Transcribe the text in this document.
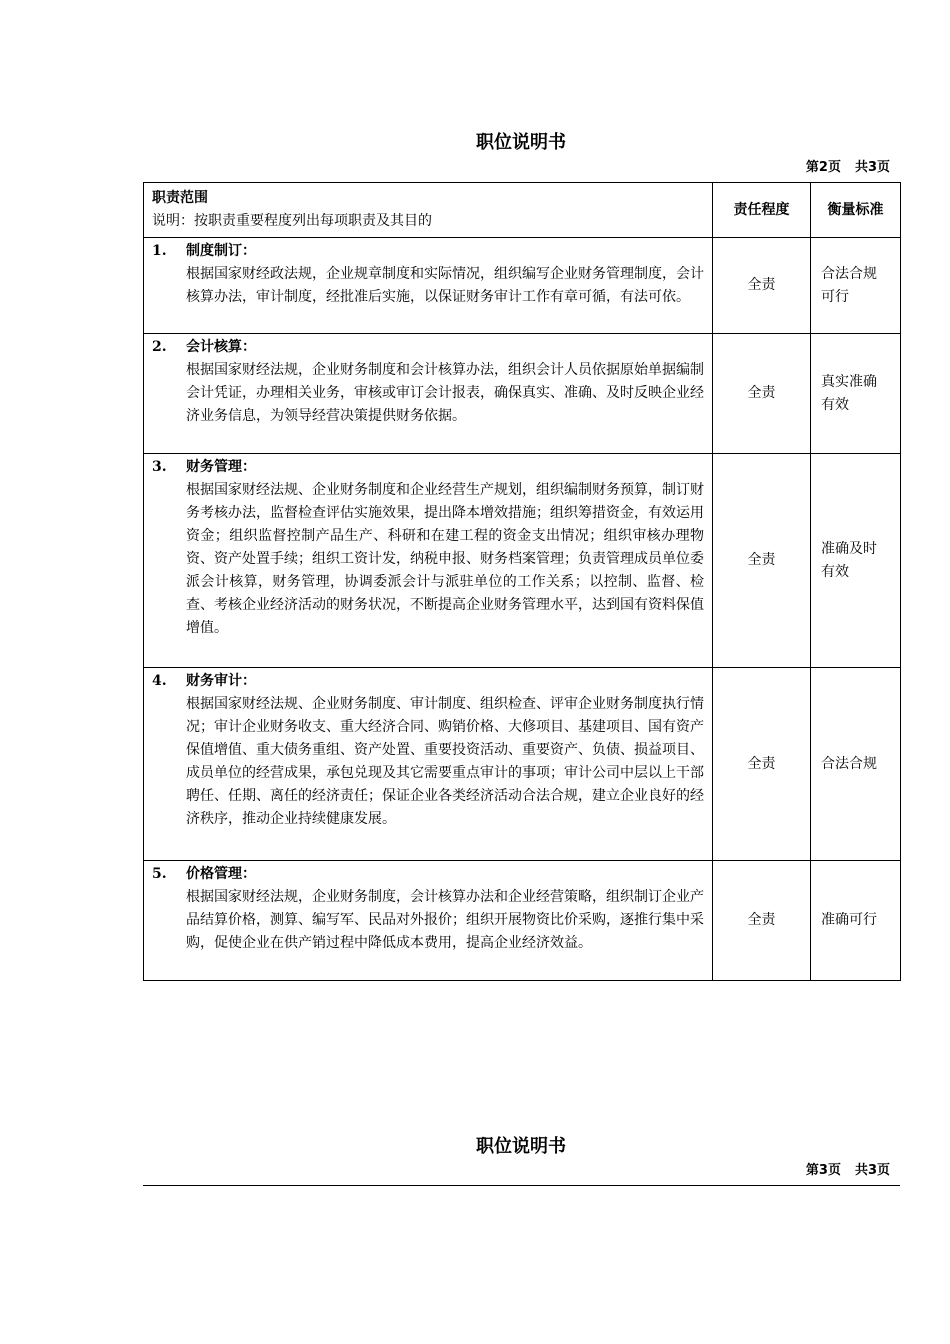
职位说明书
第2页 共3页
职责范围
说明：按职责重要程度列出每项职责及其目的	责任程度	衡量标准

1. 制度制订：
根据国家财经政法规，企业规章制度和实际情况，组织编写企业财务管理制度，会计核算办法，审计制度，经批准后实施，以保证财务审计工作有章可循，有法可依。	全责	合法合规可行

2. 会计核算：
根据国家财经法规，企业财务制度和会计核算办法，组织会计人员依据原始单据编制会计凭证，办理相关业务，审核或审订会计报表，确保真实、准确、及时反映企业经济业务信息，为领导经营决策提供财务依据。	全责	真实准确有效

3. 财务管理：
根据国家财经法规、企业财务制度和企业经营生产规划，组织编制财务预算，制订财务考核办法，监督检查评估实施效果，提出降本增效措施；组织筹措资金，有效运用资金；组织监督控制产品生产、科研和在建工程的资金支出情况；组织审核办理物资、资产处置手续；组织工资计发，纳税申报、财务档案管理；负责管理成员单位委派会计核算，财务管理，协调委派会计与派驻单位的工作关系；以控制、监督、检查、考核企业经济活动的财务状况，不断提高企业财务管理水平，达到国有资料保值增值。	全责	准确及时有效

4. 财务审计：
根据国家财经法规、企业财务制度、审计制度、组织检查、评审企业财务制度执行情况；审计企业财务收支、重大经济合同、购销价格、大修项目、基建项目、国有资产保值增值、重大债务重组、资产处置、重要投资活动、重要资产、负债、损益项目、成员单位的经营成果，承包兑现及其它需要重点审计的事项；审计公司中层以上干部聘任、任期、离任的经济责任；保证企业各类经济活动合法合规，建立企业良好的经济秩序，推动企业持续健康发展。	全责	合法合规

5. 价格管理：
根据国家财经法规，企业财务制度，会计核算办法和企业经营策略，组织制订企业产品结算价格，测算、编写军、民品对外报价；组织开展物资比价采购，逐推行集中采购，促使企业在供产销过程中降低成本费用，提高企业经济效益。	全责	准确可行
职位说明书
第3页 共3页
